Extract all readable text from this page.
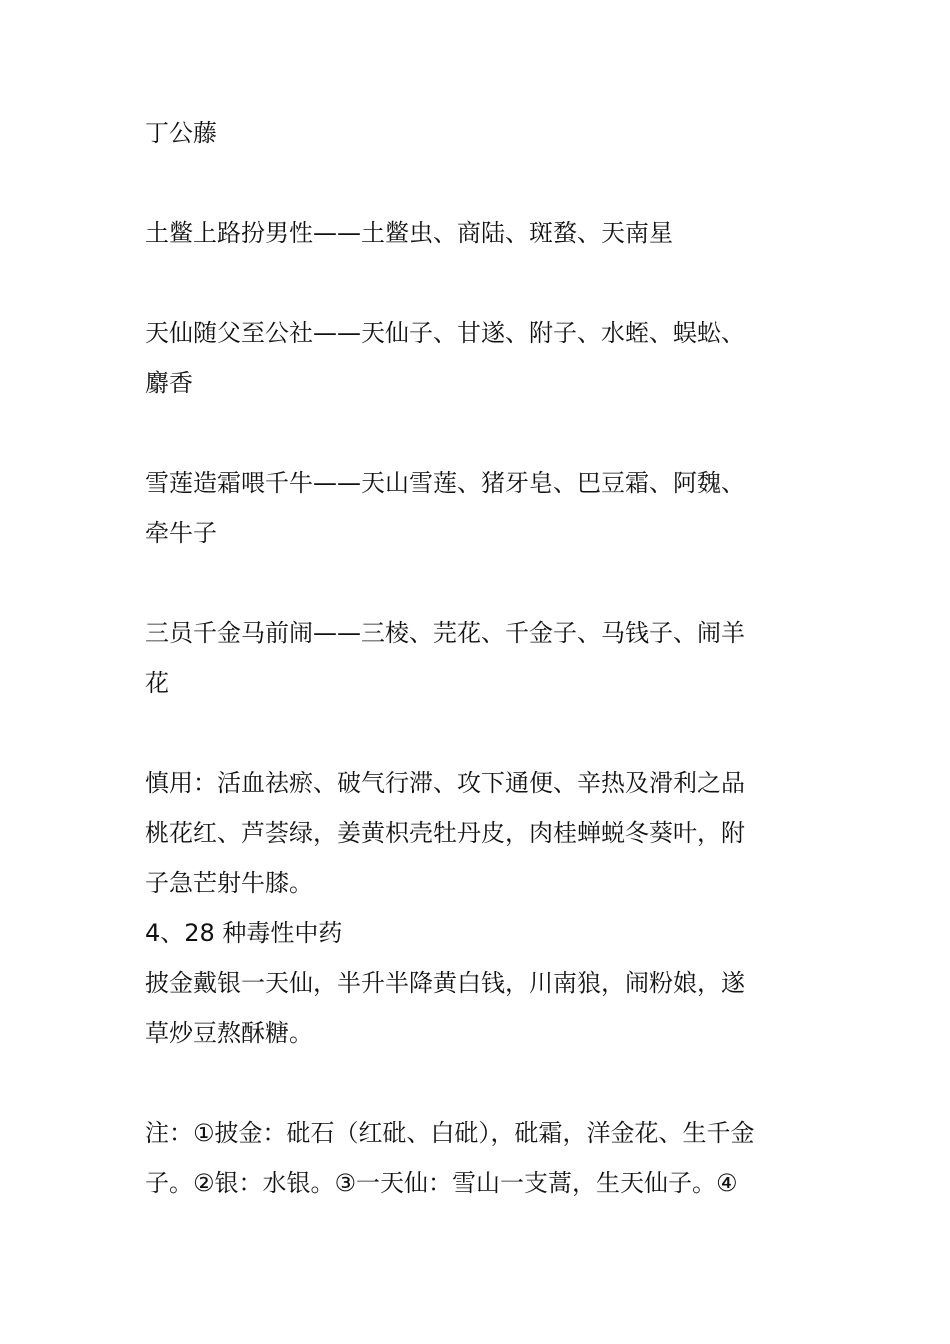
丁公藤

土鳖上路扮男性——土鳖虫、商陆、斑蝥、天南星

天仙随父至公社——天仙子、甘遂、附子、水蛭、蜈蚣、

麝香

雪莲造霜喂千牛——天山雪莲、猪牙皂、巴豆霜、阿魏、

牵牛子

三员千金马前闹——三棱、芫花、千金子、马钱子、闹羊

花

慎用：活血祛瘀、破气行滞、攻下通便、辛热及滑利之品

桃花红、芦荟绿，姜黄枳壳牡丹皮，肉桂蝉蜕冬葵叶，附

子急芒射牛膝。

4、28 种毒性中药

披金戴银一天仙，半升半降黄白钱，川南狼，闹粉娘，遂

草炒豆熬酥糖。

注：①披金：砒石（红砒、白砒），砒霜，洋金花、生千金

子。②银：水银。③一天仙：雪山一支蒿，生天仙子。④
